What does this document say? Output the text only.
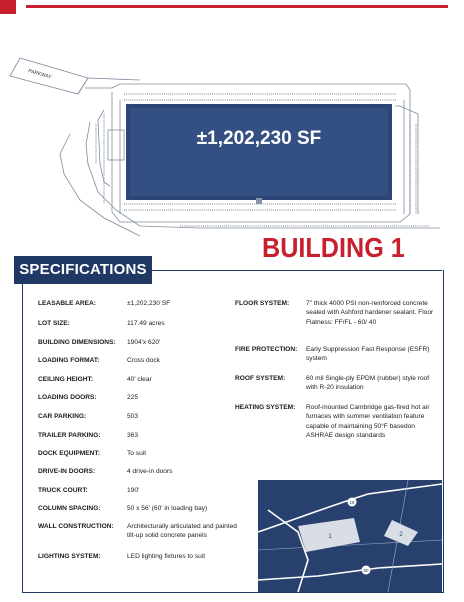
PARKWAY
±1,202,230 SF
BUILDING 1
SPECIFICATIONS
LEASABLE AREA:	±1,202,230 SF
LOT SIZE:	117.49 acres
BUILDING DIMENSIONS: 1904'x 620'
LOADING FORMAT:	Cross dock
CEILING HEIGHT:	40' clear
LOADING DOORS:	225
CAR PARKING:	503
TRAILER PARKING:	363
DOCK EQUIPMENT:	To suit
DRIVE-IN DOORS:	4 drive-in doors
TRUCK COURT:	190'
COLUMN SPACING:	50 x 56' (60' in loading bay)
WALL CONSTRUCTION: Architecturally articulated and painted tilt-up solid concrete panels
LIGHTING SYSTEM:	LED lighting fixtures to suit
FLOOR SYSTEM:	7" thick 4000 PSI non-reinforced concrete sealed with Ashford hardener sealant. Floor Flatness: FF/FL - 60/ 40
FIRE PROTECTION: Early Suppression Fast Response (ESFR) system
ROOF SYSTEM:	60 mil Single-ply EPDM (rubber) style roof with R-20 insulation
HEATING SYSTEM: Roof-mounted Cambridge gas-fired hot air furnaces with summer ventilation feature capable of maintaining 50°F basedon ASHRAE design standards
1	2
19
60
